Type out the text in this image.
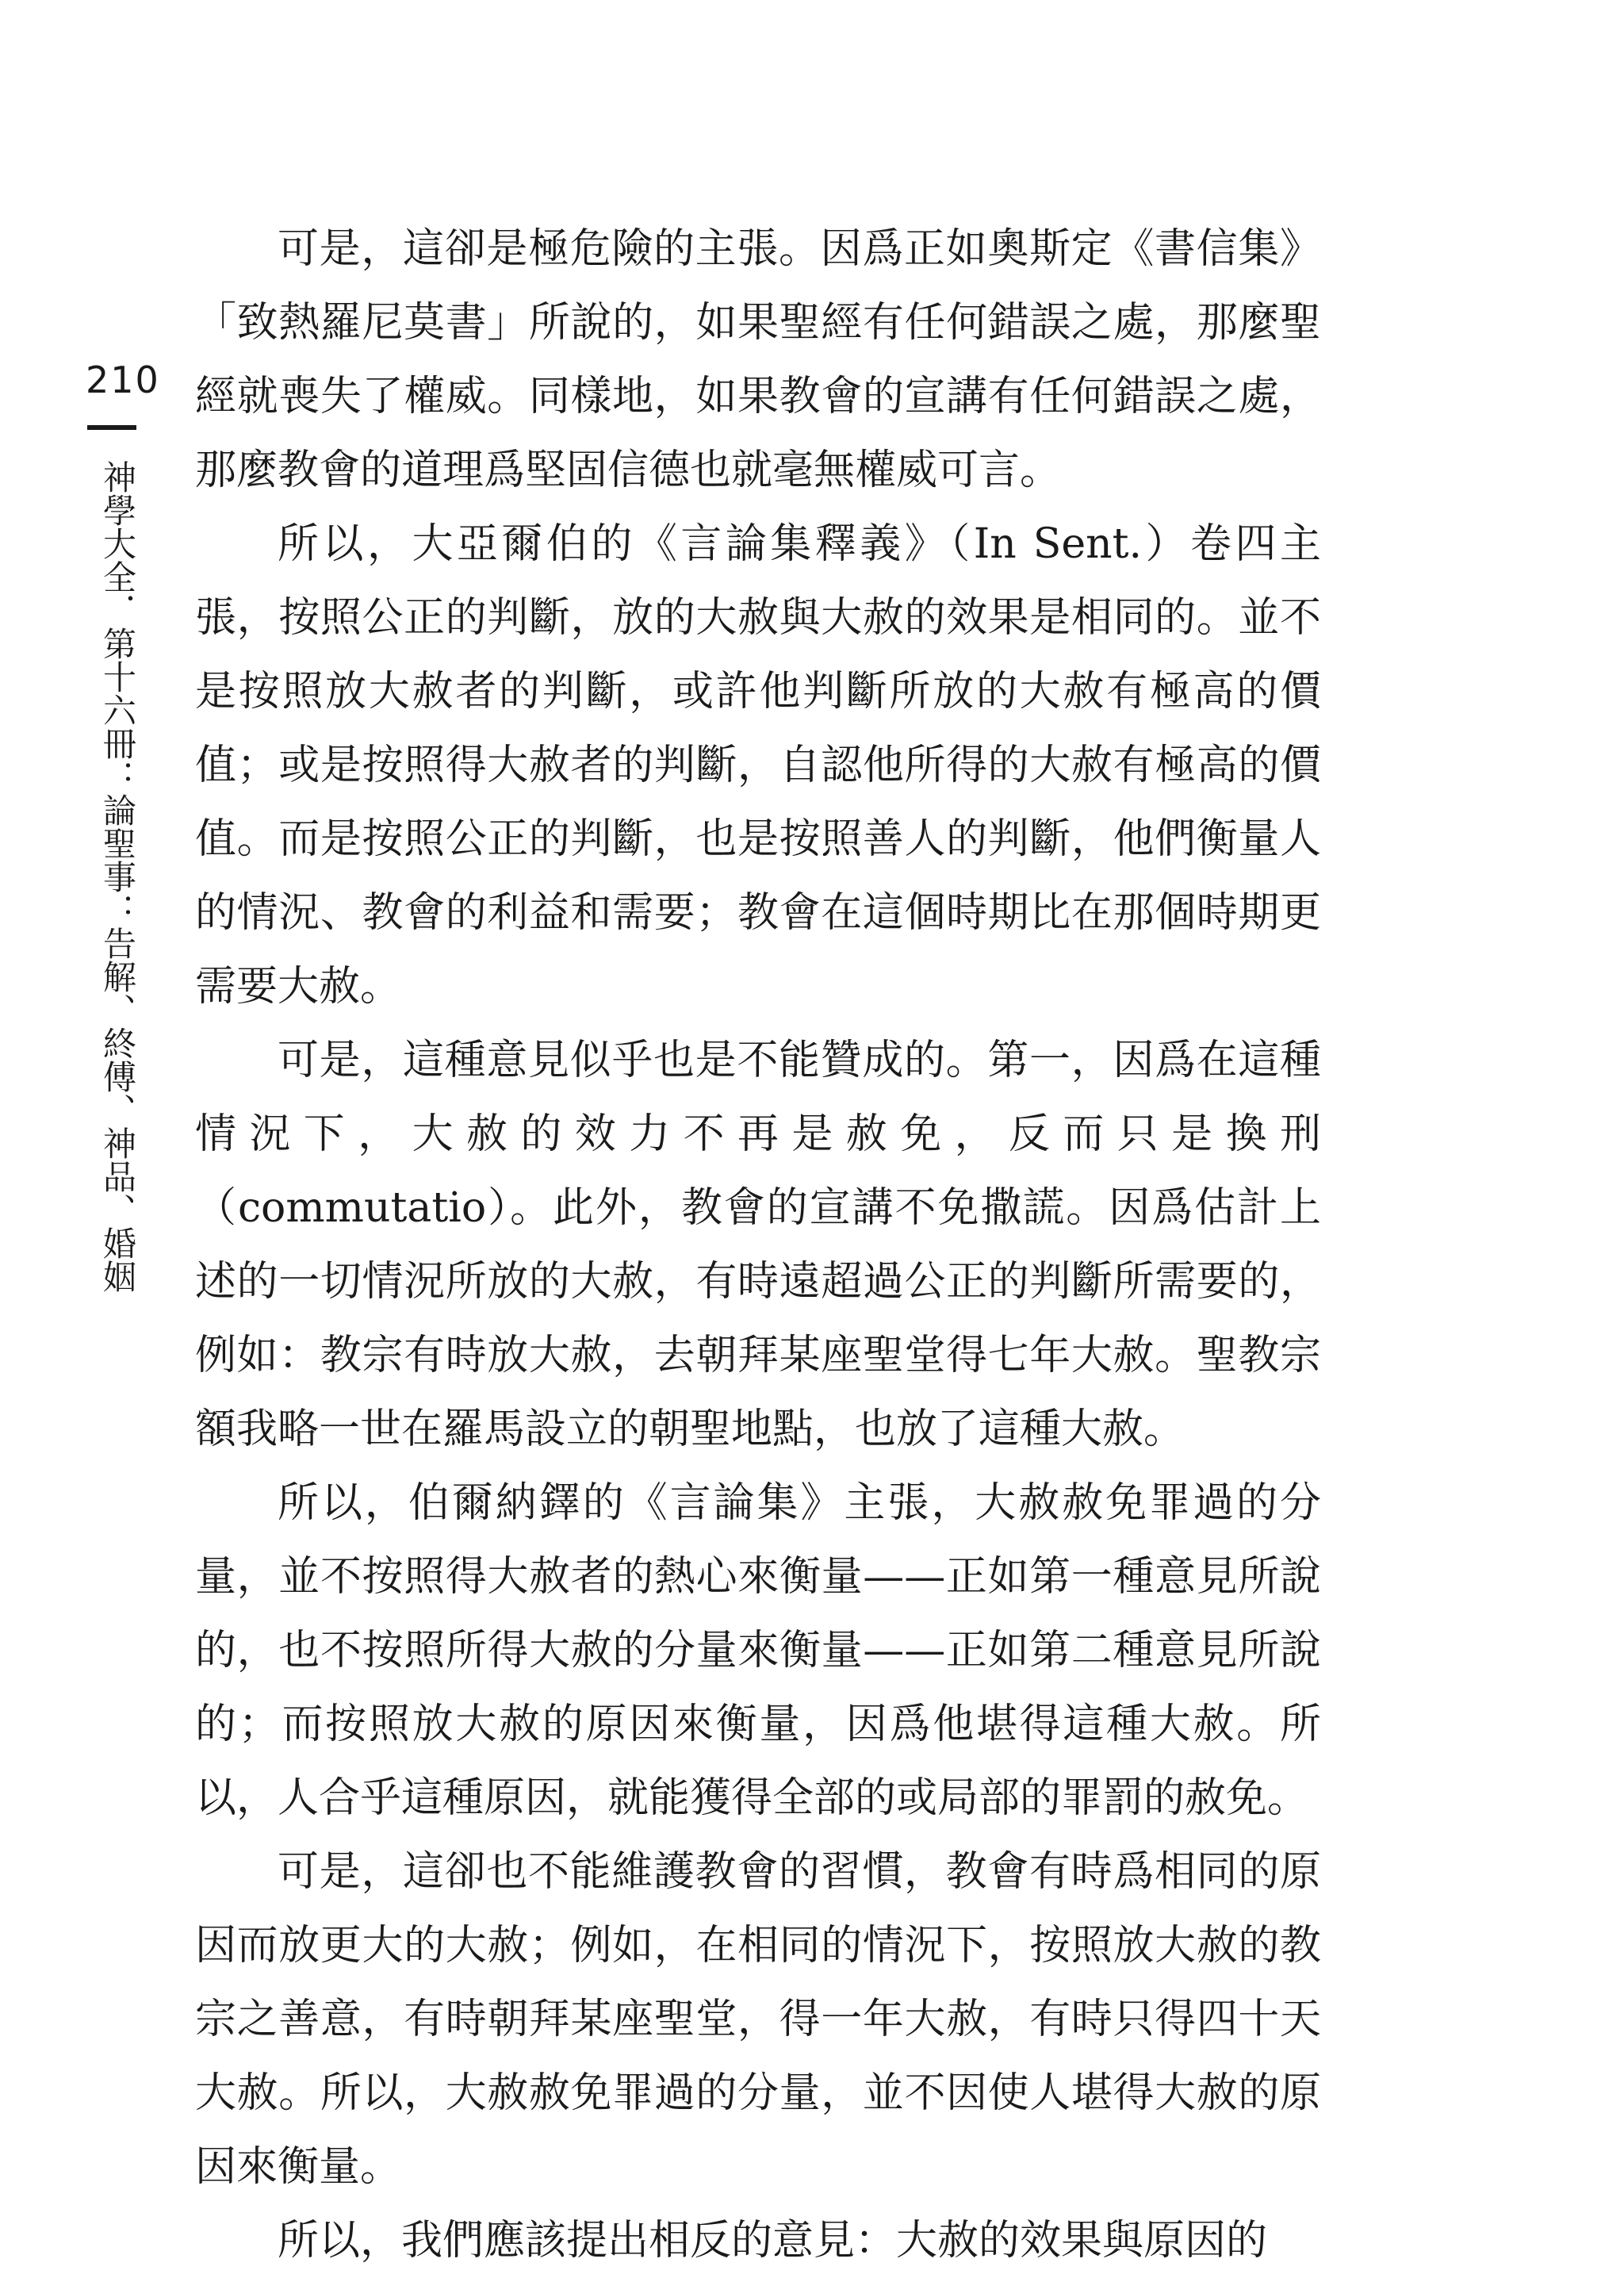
210
神學大全．第十六冊：論聖事：告解、終傅、神品、婚姻

可是，這卻是極危險的主張。因爲正如奧斯定《書信集》「致熱羅尼莫書」所說的，如果聖經有任何錯誤之處，那麼聖經就喪失了權威。同樣地，如果教會的宣講有任何錯誤之處，那麼教會的道理爲堅固信德也就毫無權威可言。

所以，大亞爾伯的《言論集釋義》（In Sent.）卷四主張，按照公正的判斷，放的大赦與大赦的效果是相同的。並不是按照放大赦者的判斷，或許他判斷所放的大赦有極高的價值；或是按照得大赦者的判斷，自認他所得的大赦有極高的價值。而是按照公正的判斷，也是按照善人的判斷，他們衡量人的情況、教會的利益和需要；教會在這個時期比在那個時期更需要大赦。

可是，這種意見似乎也是不能贊成的。第一，因爲在這種情況下，大赦的效力不再是赦免，反而只是換刑（commutatio）。此外，教會的宣講不免撒謊。因爲估計上述的一切情況所放的大赦，有時遠超過公正的判斷所需要的，例如：教宗有時放大赦，去朝拜某座聖堂得七年大赦。聖教宗額我略一世在羅馬設立的朝聖地點，也放了這種大赦。

所以，伯爾納鐸的《言論集》主張，大赦赦免罪過的分量，並不按照得大赦者的熱心來衡量——正如第一種意見所說的，也不按照所得大赦的分量來衡量——正如第二種意見所說的；而按照放大赦的原因來衡量，因爲他堪得這種大赦。所以，人合乎這種原因，就能獲得全部的或局部的罪罰的赦免。

可是，這卻也不能維護教會的習慣，教會有時爲相同的原因而放更大的大赦；例如，在相同的情況下，按照放大赦的教宗之善意，有時朝拜某座聖堂，得一年大赦，有時只得四十天大赦。所以，大赦赦免罪過的分量，並不因使人堪得大赦的原因來衡量。

所以，我們應該提出相反的意見：大赦的效果與原因的
